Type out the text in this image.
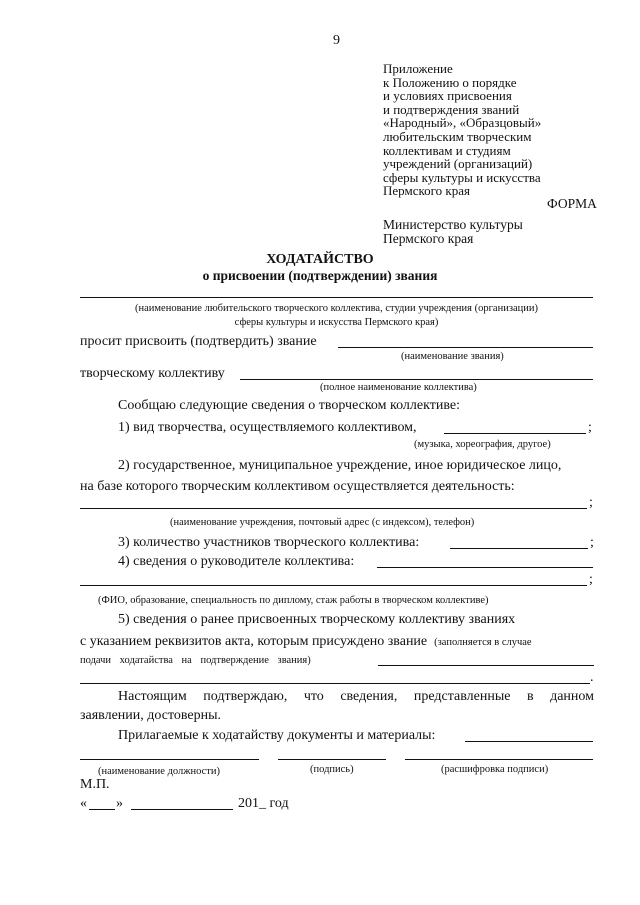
9
Приложение
к Положению о порядке
и условиях присвоения
и подтверждения званий
«Народный», «Образцовый»
любительским творческим
коллективам и студиям
учреждений (организаций)
сферы культуры и искусства
Пермского края
ФОРМА
Министерство культуры
Пермского края
ХОДАТАЙСТВО
о присвоении (подтверждении) звания
(наименование любительского творческого коллектива, студии учреждения (организации)
сферы культуры и искусства Пермского края)
просит присвоить (подтвердить) звание
(наименование звания)
творческому коллективу
(полное наименование коллектива)
Сообщаю следующие сведения о творческом коллективе:
1) вид творчества, осуществляемого коллективом,	;
(музыка, хореография, другое)
2) государственное, муниципальное учреждение, иное юридическое лицо,
на базе которого творческим коллективом осуществляется деятельность:
;
(наименование учреждения, почтовый адрес (с индексом), телефон)
3) количество участников творческого коллектива:	;
4) сведения о руководителе коллектива:
;
(ФИО, образование, специальность по диплому, стаж работы в творческом коллективе)
5) сведения о ранее присвоенных творческому коллективу званиях
с указанием реквизитов акта, которым присуждено звание (заполняется в случае
подачи ходатайства на подтверждение звания)
.
Настоящим подтверждаю, что сведения, представленные в данном
заявлении, достоверны.
Прилагаемые к ходатайству документы и материалы:
(наименование должности)	(подпись)	(расшифровка подписи)
М.П.
« »	201_ год
